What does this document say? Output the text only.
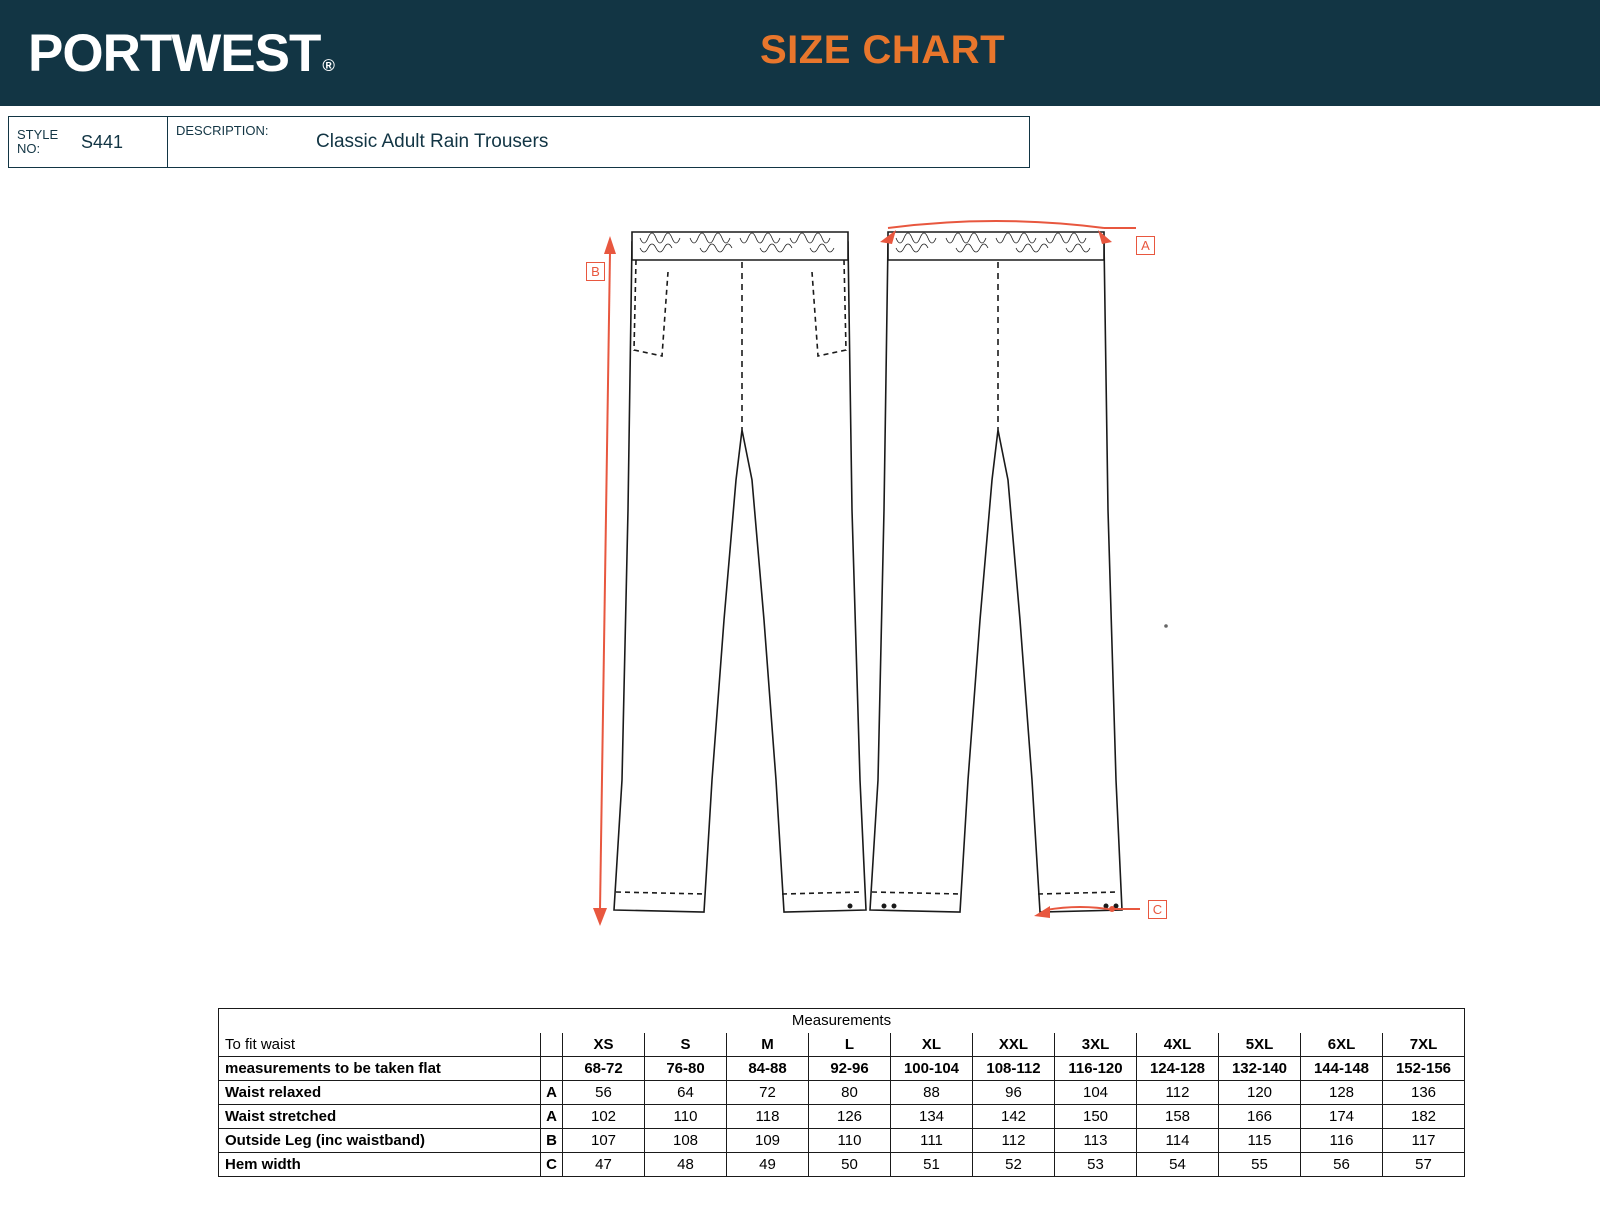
PORTWEST ®	SIZE CHART
STYLE NO:	S441
DESCRIPTION:
Classic Adult Rain Trousers
B
A
C
Measurements												
To fit waist		XS	S	M	L	XL	XXL	3XL	4XL	5XL	6XL	7XL
measurements to be taken flat		68-72	76-80	84-88	92-96	100-104	108-112	116-120	124-128	132-140	144-148	152-156
Waist relaxed	A	56	64	72	80	88	96	104	112	120	128	136
Waist stretched	A	102	110	118	126	134	142	150	158	166	174	182
Outside Leg (inc waistband)	B	107	108	109	110	111	112	113	114	115	116	117
Hem width	C	47	48	49	50	51	52	53	54	55	56	57
